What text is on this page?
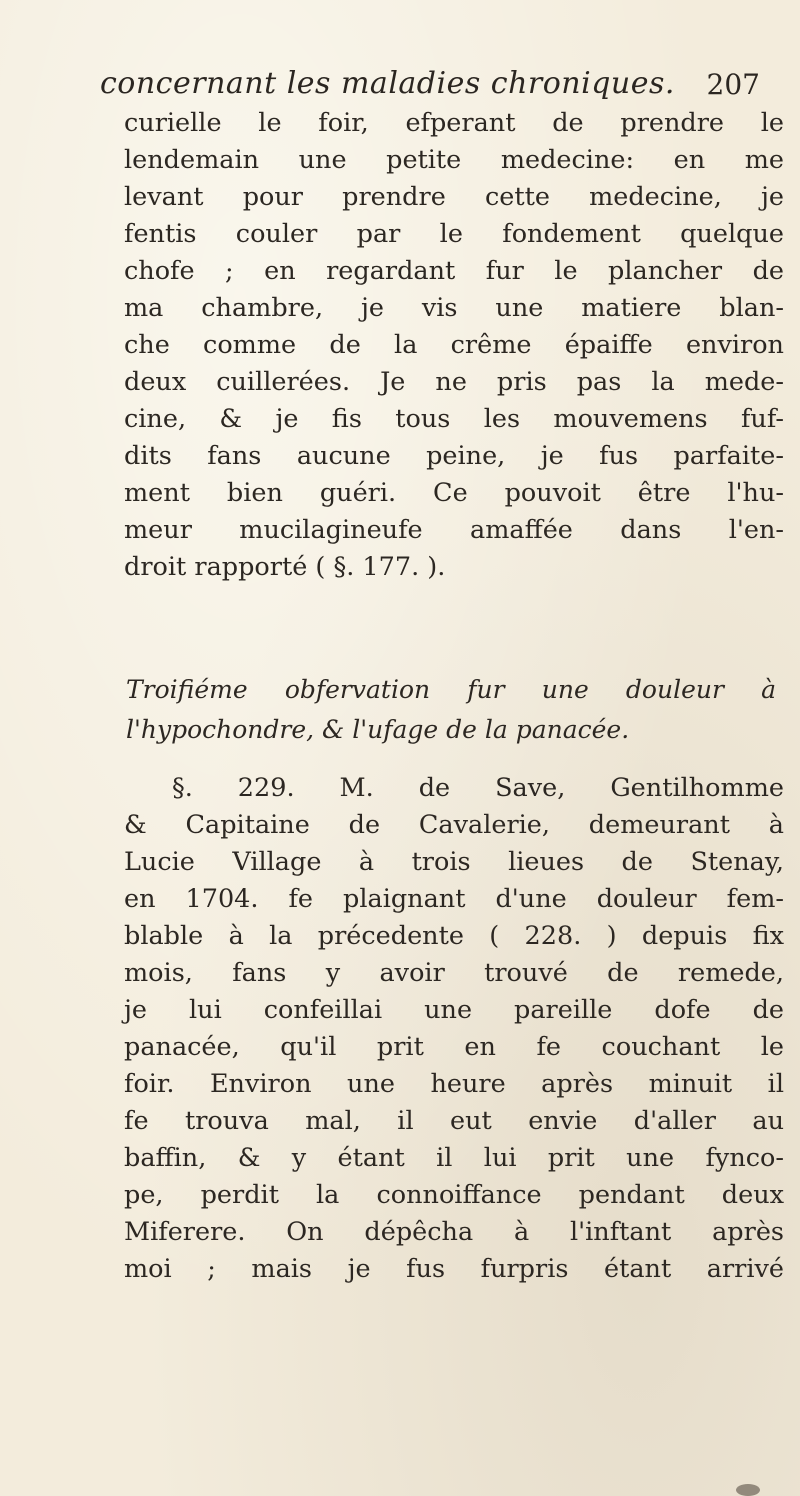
concernant les maladies chroniques. 207
curielle le foir, efperant de prendre le
lendemain une petite medecine: en me
levant pour prendre cette medecine, je
fentis couler par le fondement quelque
chofe ; en regardant fur le plancher de
ma chambre, je vis une matiere blan-
che comme de la crême épaiffe environ
deux cuillerées. Je ne pris pas la mede-
cine, & je fis tous les mouvemens fuf-
dits fans aucune peine, je fus parfaite-
ment bien guéri. Ce pouvoit être l'hu-
meur mucilagineufe amaffée dans l'en-
droit rapporté ( §. 177. ).
Troifiéme obfervation fur une douleur à
l'hypochondre, & l'ufage de la panacée.
§. 229. M. de Save, Gentilhomme
& Capitaine de Cavalerie, demeurant à
Lucie Village à trois lieues de Stenay,
en 1704. fe plaignant d'une douleur fem-
blable à la précedente ( 228. ) depuis fix
mois, fans y avoir trouvé de remede,
je lui confeillai une pareille dofe de
panacée, qu'il prit en fe couchant le
foir. Environ une heure après minuit il
fe trouva mal, il eut envie d'aller au
baffin, & y étant il lui prit une fynco-
pe, perdit la connoiffance pendant deux
Miferere. On dépêcha à l'inftant après
moi ; mais je fus furpris étant arrivé
